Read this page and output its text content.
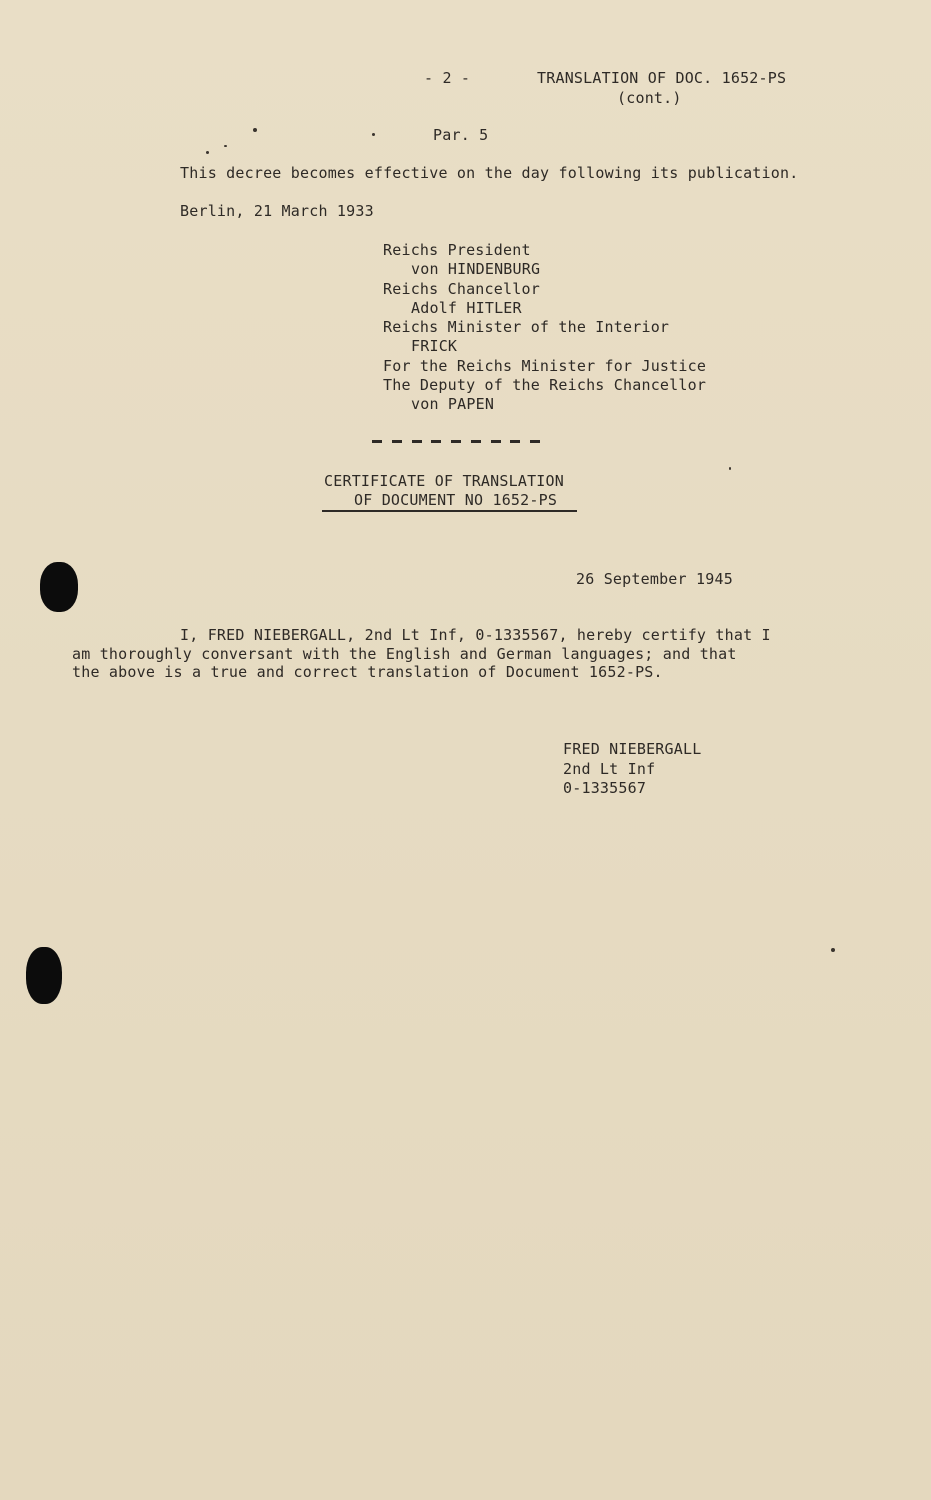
- 2 -	TRANSLATION OF DOC. 1652-PS
(cont.)
Par. 5
This decree becomes effective on the day following its publication.
Berlin, 21 March 1933
Reichs President
von HINDENBURG
Reichs Chancellor
Adolf HITLER
Reichs Minister of the Interior
FRICK
For the Reichs Minister for Justice
The Deputy of the Reichs Chancellor
von PAPEN
CERTIFICATE OF TRANSLATION
OF DOCUMENT NO 1652-PS
26 September 1945
I, FRED NIEBERGALL, 2nd Lt Inf, 0-1335567, hereby certify that I
am thoroughly conversant with the English and German languages; and that
the above is a true and correct translation of Document 1652-PS.
FRED NIEBERGALL
2nd Lt Inf
0-1335567
